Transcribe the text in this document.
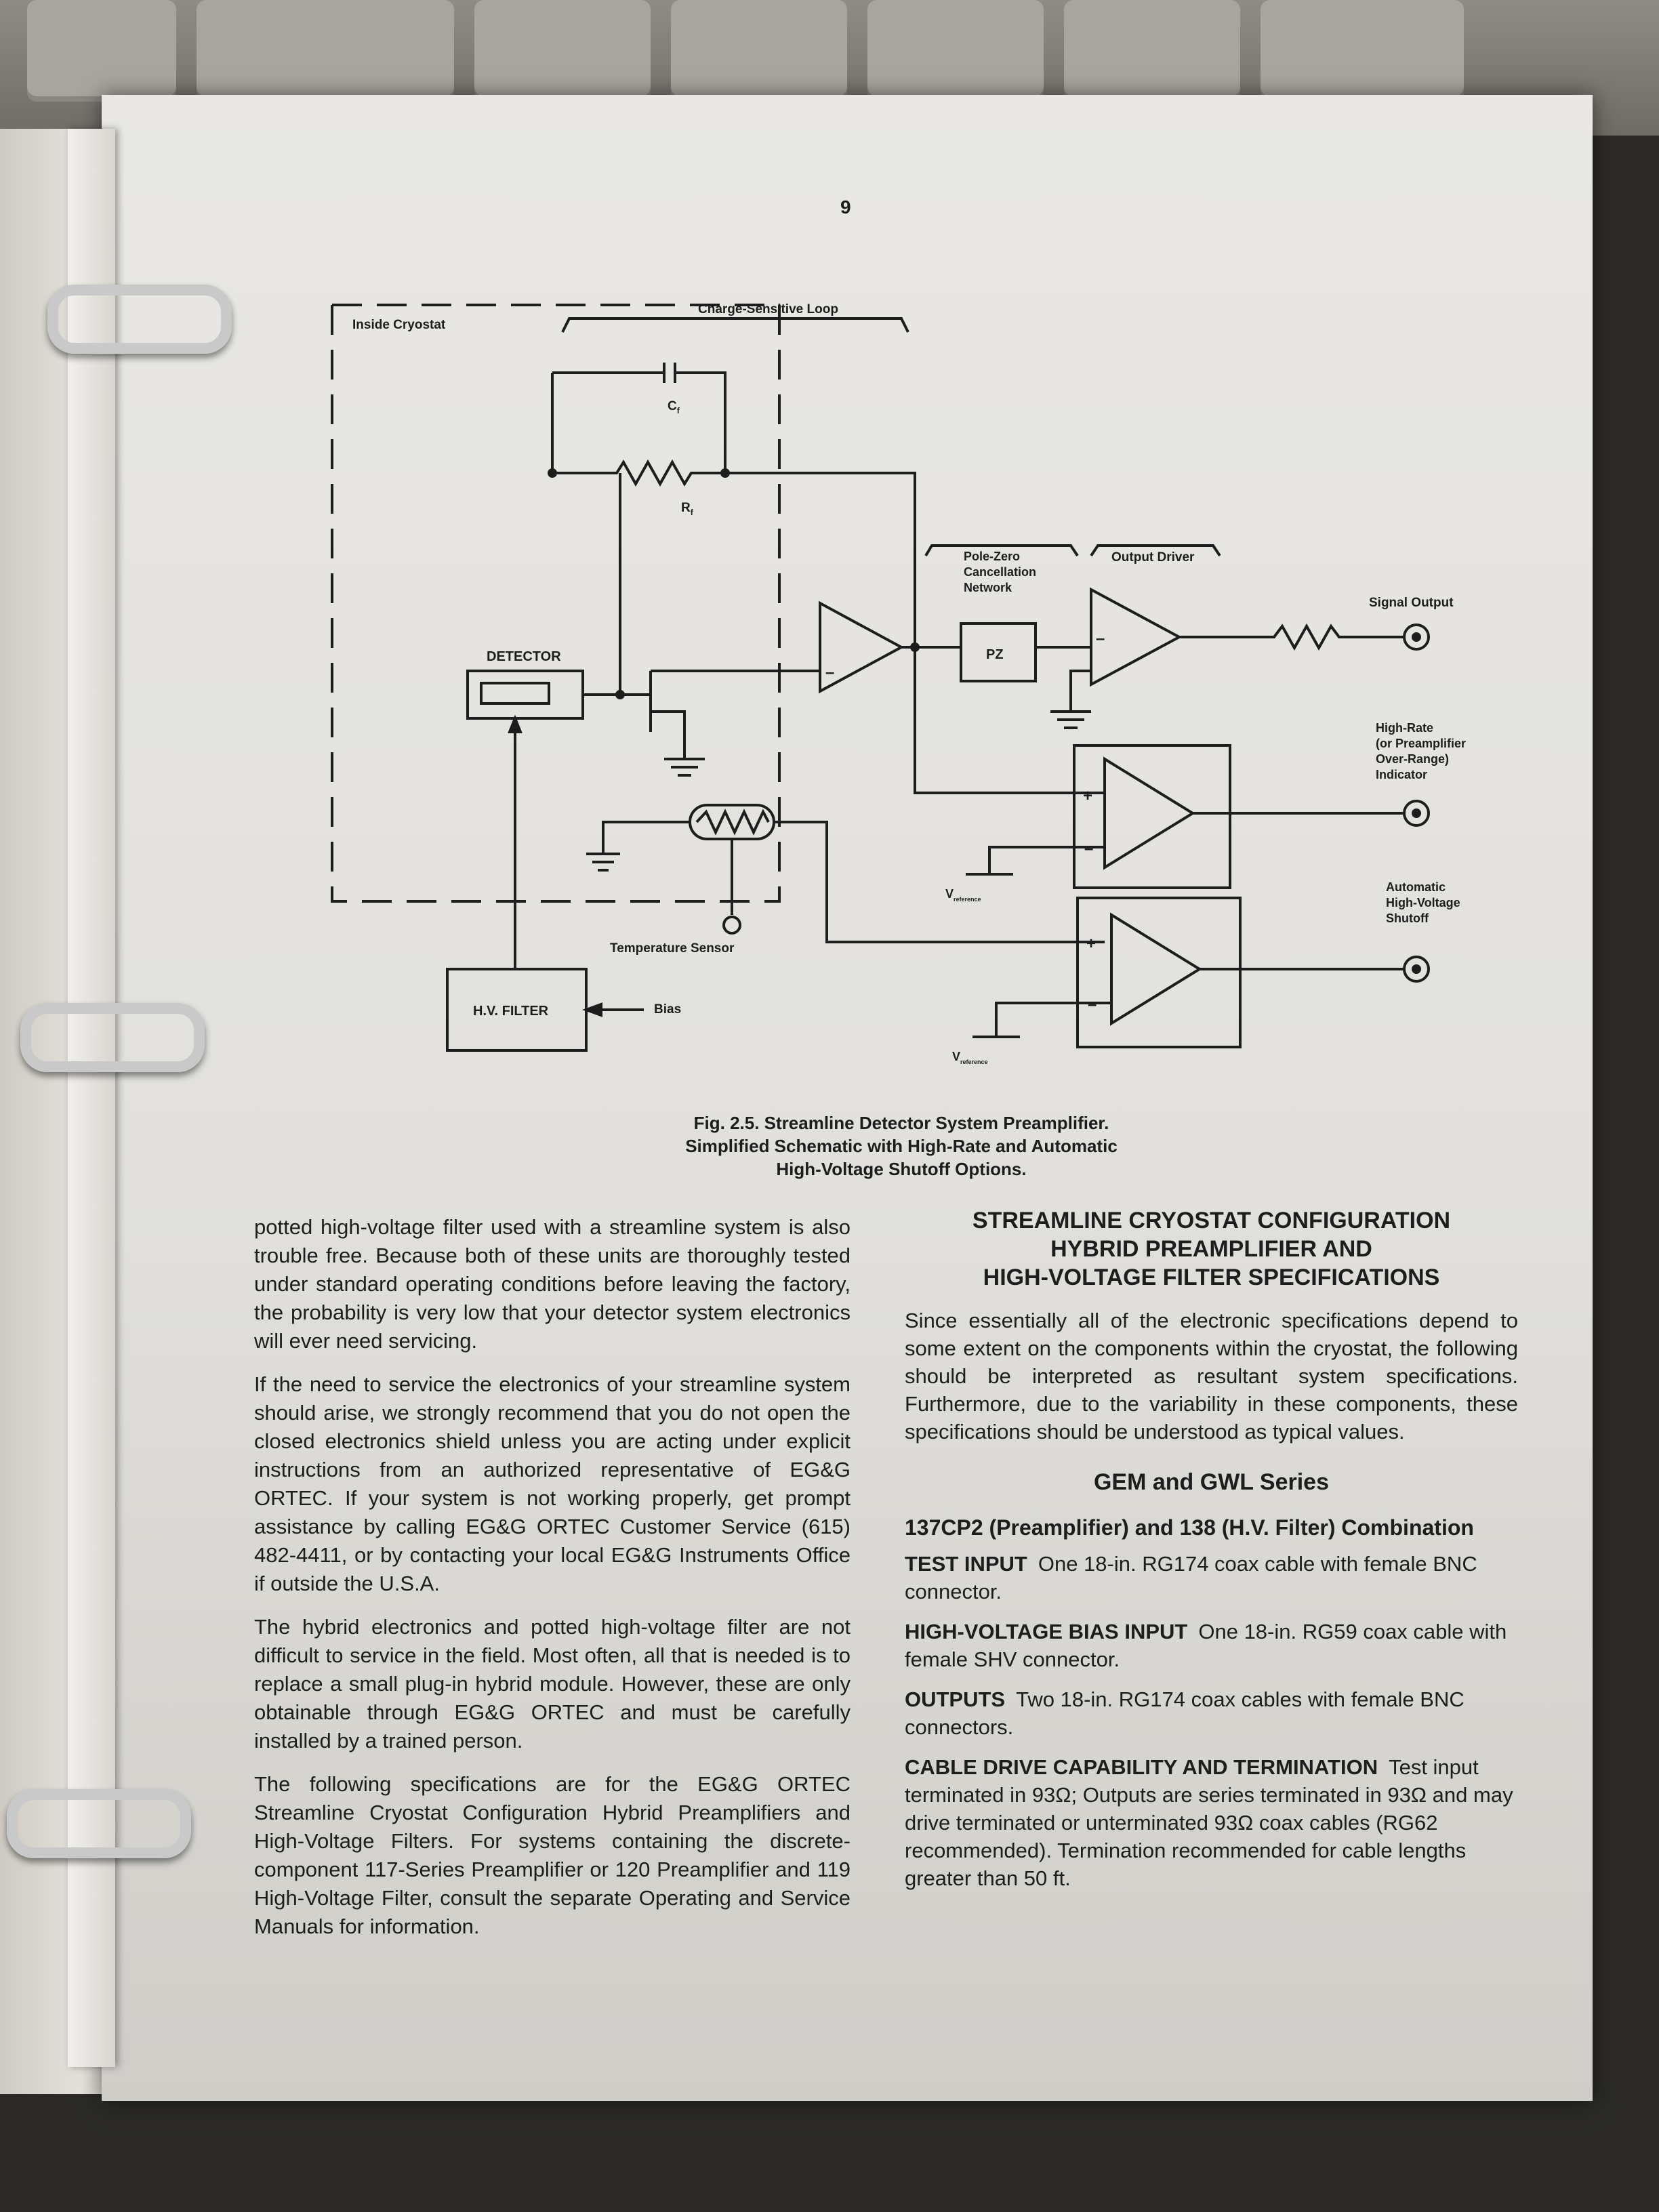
9
Inside Cryostat
Charge-Sensitive Loop
$C_f$
$R_f$
DETECTOR
Pole-Zero
Cancellation
Network
PZ
Output Driver
Signal Output
High-Rate
(or Preamplifier
Over-Range)
Indicator
Automatic
High-Voltage
Shutoff
Temperature Sensor
H.V. FILTER	Bias
$V_{reference}$
$V_{reference}$
–
–
+
–
+
–
Fig. 2.5. Streamline Detector System Preamplifier.
Simplified Schematic with High-Rate and Automatic
High-Voltage Shutoff Options.

potted high-voltage filter used with a streamline system is also trouble free. Because both of these units are thoroughly tested under standard operating conditions before leaving the factory, the probability is very low that your detector system electronics will ever need servicing.

If the need to service the electronics of your streamline system should arise, we strongly recommend that you do not open the closed electronics shield unless you are acting under explicit instructions from an authorized representative of EG&G ORTEC. If your system is not working properly, get prompt assistance by calling EG&G ORTEC Customer Service (615) 482-4411, or by contacting your local EG&G Instruments Office if outside the U.S.A.

The hybrid electronics and potted high-voltage filter are not difficult to service in the field. Most often, all that is needed is to replace a small plug-in hybrid module. However, these are only obtainable through EG&G ORTEC and must be carefully installed by a trained person.

The following specifications are for the EG&G ORTEC Streamline Cryostat Configuration Hybrid Preamplifiers and High-Voltage Filters. For systems containing the discrete-component 117-Series Preamplifier or 120 Preamplifier and 119 High-Voltage Filter, consult the separate Operating and Service Manuals for information.

STREAMLINE CRYOSTAT CONFIGURATION
HYBRID PREAMPLIFIER AND
HIGH-VOLTAGE FILTER SPECIFICATIONS

Since essentially all of the electronic specifications depend to some extent on the components within the cryostat, the following should be interpreted as resultant system specifications. Furthermore, due to the variability in these components, these specifications should be understood as typical values.

GEM and GWL Series
137CP2 (Preamplifier) and 138 (H.V. Filter) Combination

TEST INPUT One 18-in. RG174 coax cable with female BNC connector.

HIGH-VOLTAGE BIAS INPUT One 18-in. RG59 coax cable with female SHV connector.

OUTPUTS Two 18-in. RG174 coax cables with female BNC connectors.

CABLE DRIVE CAPABILITY AND TERMINATION Test input terminated in 93Ω; Outputs are series terminated in 93Ω and may drive terminated or unterminated 93Ω coax cables (RG62 recommended). Termination recommended for cable lengths greater than 50 ft.
